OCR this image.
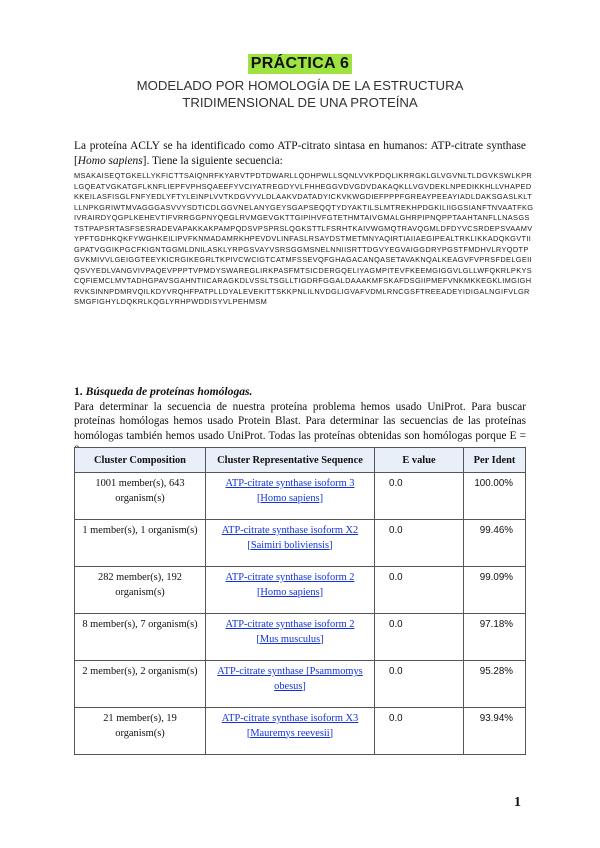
PRÁCTICA 6
MODELADO POR HOMOLOGÍA DE LA ESTRUCTURA
TRIDIMENSIONAL DE UNA PROTEÍNA
La proteína ACLY se ha identificado como ATP-citrato sintasa en humanos: ATP-citrate synthase [Homo sapiens]. Tiene la siguiente secuencia:
MSAKAISEQTGKELLYKFICTTSAIQNRFKYARVTPDTDWARLLQDHPWLLSQNLVVKPDQLIKRRGKLGLVGVNLTLDGVKSWLKPRLGQEATVGKATGFLKNFLIEPFVPHSQAEEFYVCIYATREGDYVLFHHEGGVDVGDVDAKAQKLLVGVDEKLNPEDIKKHLLVHAPEDKKEILASFISGLFNFYEDLYFTYLEINPLVVTKDGVYVLDLAAKVDATADYICKVKWGDIEFPPPFGREAYPEEAYIADLDAKSGASLKLTLLNPKGRIWTMVAGGGASVVYSDTICDLGGVNELANYGEYSGAPSEQQTYDYAKTILSLMTREKHPDGKILIIGGSIANFTNVAATFKGIVRAIRDYQGPLKEHEVTIFVRRGGPNYQEGLRVMGEVGKTTGIPIHVFGTETHMTAIVGMALGHRPIPNQPPTAAHTANFLLNASGSTSTPAPSRTASFSESRADEVAPAKKAKPAMPQDSVPSPRSLQGKSTTLFSRHTKAIVWGMQTRAVQGMLDFDYVCSRDEPSVAAMVYPFTGDHKQKFYWGHKEILIPVFKNMADAMRKHPEVDVLINFASLRSAYDSTMETMNYAQIRTIAIIAEGIPEALTRKLIKKADQKGVTIIGPATVGGIKPGCFKIGNTGGMLDNILASKLYRPGSVAYVSRSGGMSNELNNIISRTTDGVYEGVAIGGDRYPGSTFMDHVLRYQDTPGVKMIVVLGEIGGTEEYKICRGIKEGRLTKPIVCWCIGTCATMFSSEVQFGHAGACANQASETAVAKNQALKEAGVFVPRSFDELGEIIQSVYEDLVANGVIVPAQEVPPPTVPMDYSWAREGLIRKPASFMTSICDERGQELIYAGMPITEVFKEEMGIGGVLGLLWFQKRLPKYSCQFIEMCLMVTADHGPAVSGAHNTIICARAGKDLVSSLTSGLLTIGDRFGGALDAAAKMFSKAFDSGIIPMEFVNKMKKEGKLIMGIGHRVKSINNPDMRVQILKDYVRQHFPATPLLDYALEVEKITTSKKPNLILNVDGLIGVAFVDMLRNCGSFTREEADEYIDIGALNGIFVLGRSMGFIGHYLDQKRLKQGLYRHPWDDISYVLPEHMSM
1. Búsqueda de proteínas homólogas.
Para determinar la secuencia de nuestra proteína problema hemos usado UniProt. Para buscar proteínas homólogas hemos usado Protein Blast. Para determinar las secuencias de las proteínas homólogas también hemos usado UniProt. Todas las proteínas obtenidas son homólogas porque E =
Cluster Composition	Cluster Representative Sequence	E value	Per Ident
1001 member(s), 643 organism(s)	ATP-citrate synthase isoform 3
[Homo sapiens]	0.0	100.00%
1 member(s), 1 organism(s)	ATP-citrate synthase isoform X2
[Saimiri boliviensis]	0.0	99.46%
282 member(s), 192 organism(s)	ATP-citrate synthase isoform 2
[Homo sapiens]	0.0	99.09%
8 member(s), 7 organism(s)	ATP-citrate synthase isoform 2
[Mus musculus]	0.0	97.18%
2 member(s), 2 organism(s)	ATP-citrate synthase [Psammomys
obesus]	0.0	95.28%
21 member(s), 19 organism(s)	ATP-citrate synthase isoform X3
[Mauremys reevesii]	0.0	93.94%
1
